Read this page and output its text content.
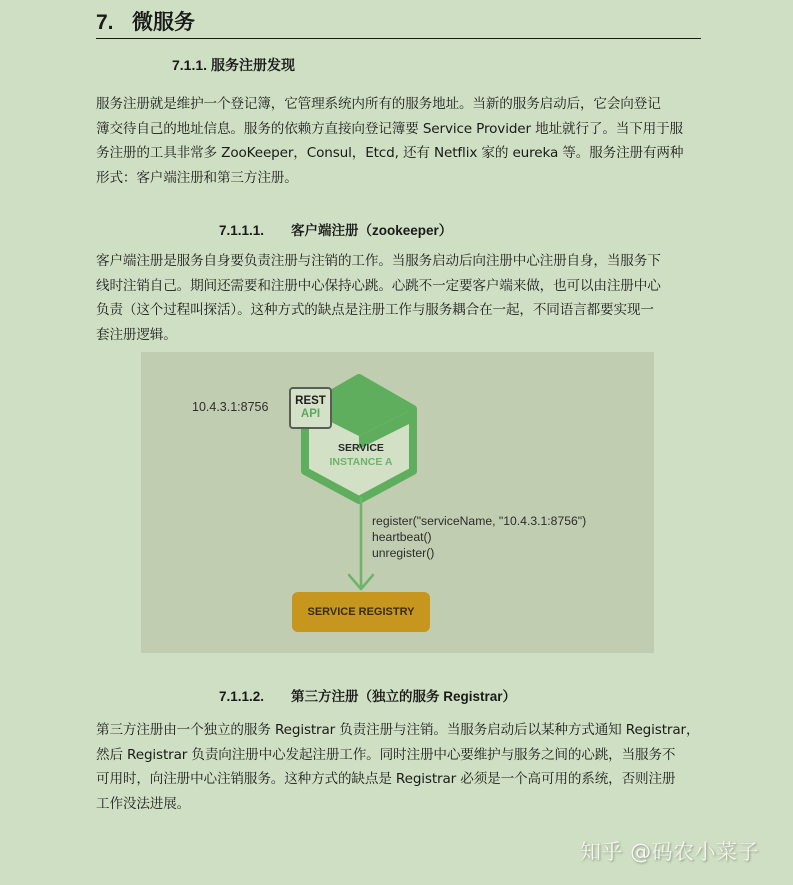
7. 微服务
7.1.1. 服务注册发现

服务注册就是维护一个登记簿，它管理系统内所有的服务地址。当新的服务启动后，它会向登记
簿交待自己的地址信息。服务的依赖方直接向登记簿要 Service Provider 地址就行了。当下用于服
务注册的工具非常多 ZooKeeper，Consul，Etcd, 还有 Netflix 家的 eureka 等。服务注册有两种
形式：客户端注册和第三方注册。

7.1.1.1. 客户端注册（zookeeper）

客户端注册是服务自身要负责注册与注销的工作。当服务启动后向注册中心注册自身，当服务下
线时注销自己。期间还需要和注册中心保持心跳。心跳不一定要客户端来做，也可以由注册中心
负责（这个过程叫探活）。这种方式的缺点是注册工作与服务耦合在一起，不同语言都要实现一
套注册逻辑。

10.4.3.1:8756	REST
API
SERVICE
INSTANCE A
register("serviceName, "10.4.3.1:8756")
heartbeat()
unregister()
SERVICE REGISTRY
7.1.1.2. 第三方注册（独立的服务 Registrar）

第三方注册由一个独立的服务 Registrar 负责注册与注销。当服务启动后以某种方式通知 Registrar，
然后 Registrar 负责向注册中心发起注册工作。同时注册中心要维护与服务之间的心跳，当服务不
可用时，向注册中心注销服务。这种方式的缺点是 Registrar 必须是一个高可用的系统，否则注册
工作没法进展。

知乎 @码农小菜子
